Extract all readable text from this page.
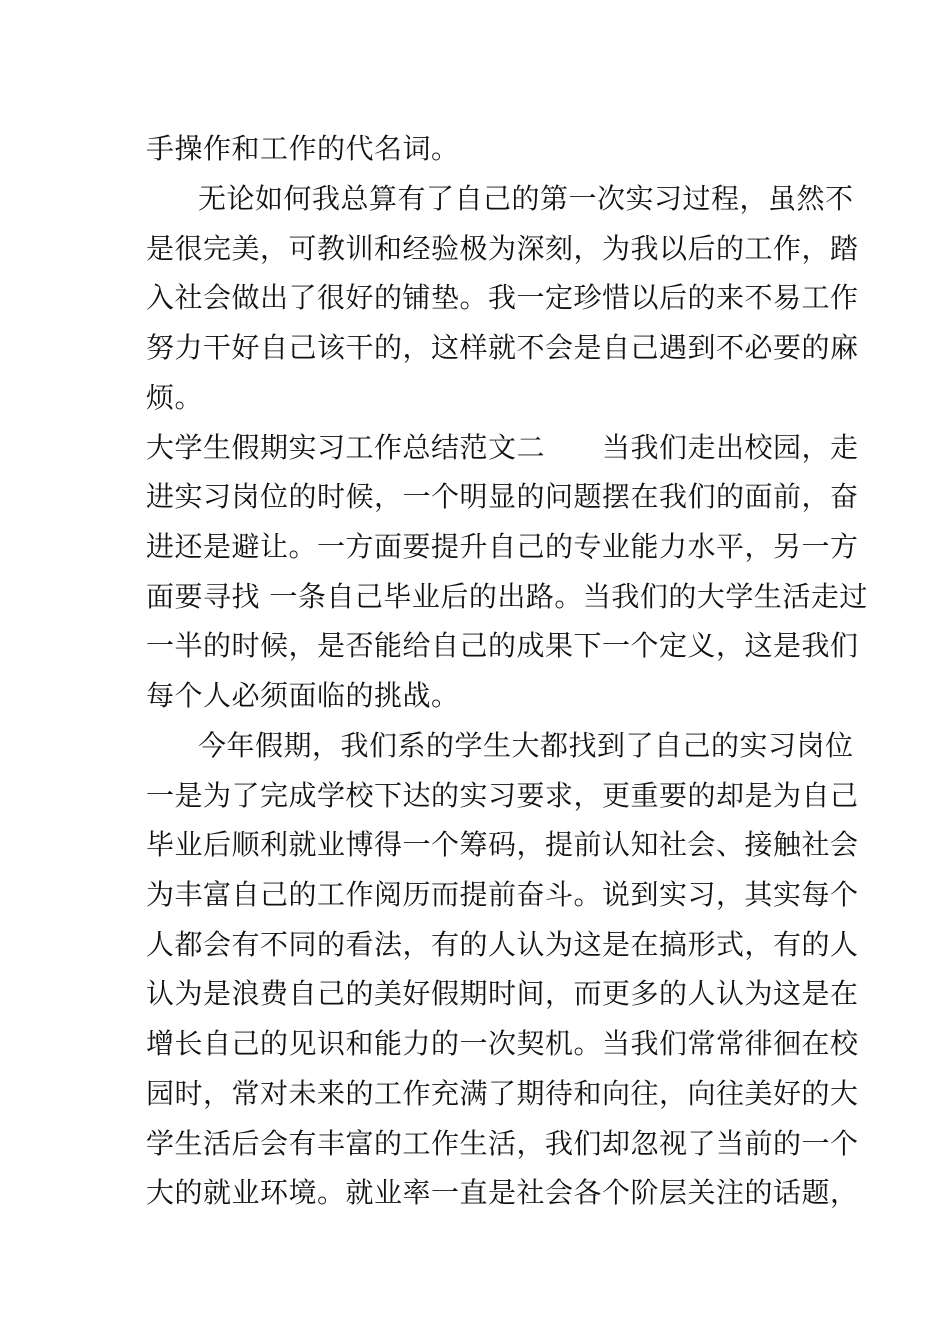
手操作和工作的代名词。
无论如何我总算有了自己的第一次实习过程，虽然不
是很完美，可教训和经验极为深刻，为我以后的工作，踏
入社会做出了很好的铺垫。我一定珍惜以后的来不易工作
努力干好自己该干的，这样就不会是自己遇到不必要的麻
烦。
大学生假期实习工作总结范文二　　当我们走出校园，走
进实习岗位的时候，一个明显的问题摆在我们的面前，奋
进还是避让。一方面要提升自己的专业能力水平，另一方
面要寻找 一条自己毕业后的出路。当我们的大学生活走过
一半的时候，是否能给自己的成果下一个定义，这是我们
每个人必须面临的挑战。
今年假期，我们系的学生大都找到了自己的实习岗位
一是为了完成学校下达的实习要求，更重要的却是为自己
毕业后顺利就业博得一个筹码，提前认知社会、接触社会
为丰富自己的工作阅历而提前奋斗。说到实习，其实每个
人都会有不同的看法，有的人认为这是在搞形式，有的人
认为是浪费自己的美好假期时间，而更多的人认为这是在
增长自己的见识和能力的一次契机。当我们常常徘徊在校
园时，常对未来的工作充满了期待和向往，向往美好的大
学生活后会有丰富的工作生活，我们却忽视了当前的一个
大的就业环境。就业率一直是社会各个阶层关注的话题，
